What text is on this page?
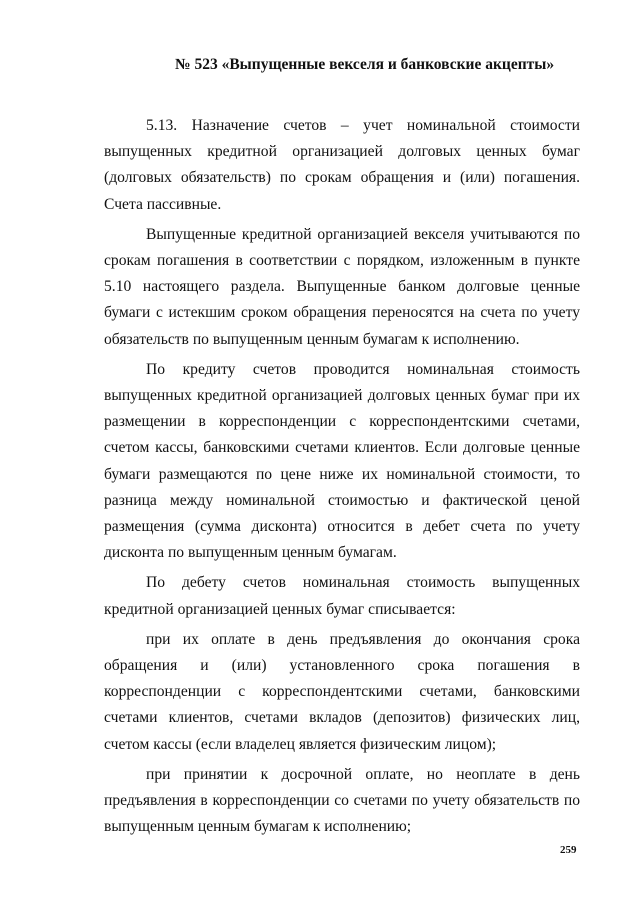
№ 523 «Выпущенные векселя и банковские акцепты»

5.13. Назначение счетов – учет номинальной стоимости выпущенных кредитной организацией долговых ценных бумаг (долговых обязательств) по срокам обращения и (или) погашения. Счета пассивные.

Выпущенные кредитной организацией векселя учитываются по срокам погашения в соответствии с порядком, изложенным в пункте 5.10 настоящего раздела. Выпущенные банком долговые ценные бумаги с истекшим сроком обращения переносятся на счета по учету обязательств по выпущенным ценным бумагам к исполнению.

По кредиту счетов проводится номинальная стоимость выпущенных кредитной организацией долговых ценных бумаг при их размещении в корреспонденции с корреспондентскими счетами, счетом кассы, банковскими счетами клиентов. Если долговые ценные бумаги размещаются по цене ниже их номинальной стоимости, то разница между номинальной стоимостью и фактической ценой размещения (сумма дисконта) относится в дебет счета по учету дисконта по выпущенным ценным бумагам.

По дебету счетов номинальная стоимость выпущенных кредитной организацией ценных бумаг списывается:

при их оплате в день предъявления до окончания срока обращения и (или) установленного срока погашения в корреспонденции с корреспондентскими счетами, банковскими счетами клиентов, счетами вкладов (депозитов) физических лиц, счетом кассы (если владелец является физическим лицом);

при принятии к досрочной оплате, но неоплате в день предъявления в корреспонденции со счетами по учету обязательств по выпущенным ценным бумагам к исполнению;

259
